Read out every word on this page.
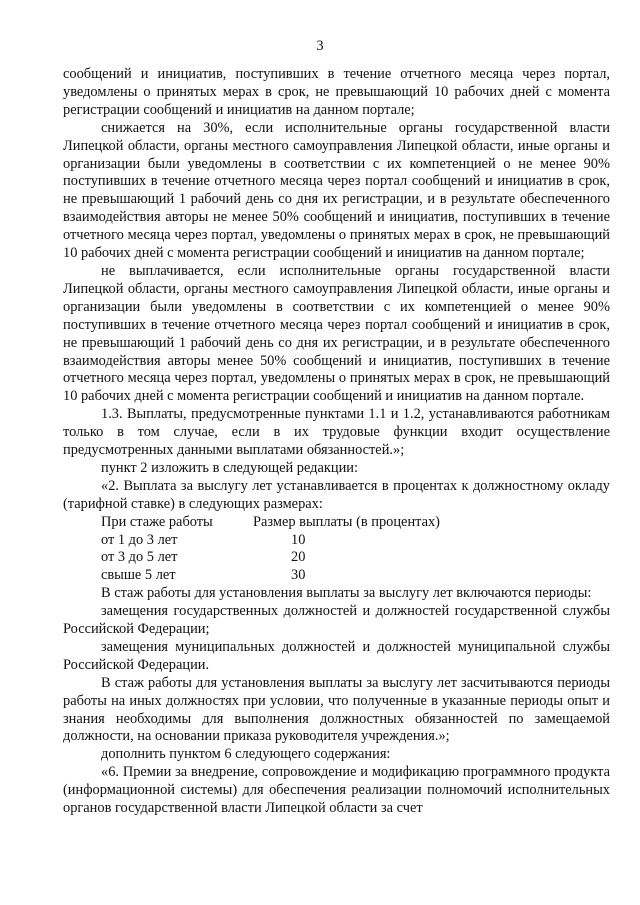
3

сообщений и инициатив, поступивших в течение отчетного месяца через портал, уведомлены о принятых мерах в срок, не превышающий 10 рабочих дней с момента регистрации сообщений и инициатив на данном портале;

снижается на 30%, если исполнительные органы государственной власти Липецкой области, органы местного самоуправления Липецкой области, иные органы и организации были уведомлены в соответствии с их компетенцией о не менее 90% поступивших в течение отчетного месяца через портал сообщений и инициатив в срок, не превышающий 1 рабочий день со дня их регистрации, и в результате обеспеченного взаимодействия авторы не менее 50% сообщений и инициатив, поступивших в течение отчетного месяца через портал, уведомлены о принятых мерах в срок, не превышающий 10 рабочих дней с момента регистрации сообщений и инициатив на данном портале;

не выплачивается, если исполнительные органы государственной власти Липецкой области, органы местного самоуправления Липецкой области, иные органы и организации были уведомлены в соответствии с их компетенцией о менее 90% поступивших в течение отчетного месяца через портал сообщений и инициатив в срок, не превышающий 1 рабочий день со дня их регистрации, и в результате обеспеченного взаимодействия авторы менее 50% сообщений и инициатив, поступивших в течение отчетного месяца через портал, уведомлены о принятых мерах в срок, не превышающий 10 рабочих дней с момента регистрации сообщений и инициатив на данном портале.

1.3. Выплаты, предусмотренные пунктами 1.1 и 1.2, устанавливаются работникам только в том случае, если в их трудовые функции входит осуществление предусмотренных данными выплатами обязанностей.»;

пункт 2 изложить в следующей редакции:

«2. Выплата за выслугу лет устанавливается в процентах к должностному окладу (тарифной ставке) в следующих размерах:

При стаже работы	Размер выплаты (в процентах)
от 1 до 3 лет	10
от 3 до 5 лет	20
свыше 5 лет	30

В стаж работы для установления выплаты за выслугу лет включаются периоды:

замещения государственных должностей и должностей государственной службы Российской Федерации;

замещения муниципальных должностей и должностей муниципальной службы Российской Федерации.

В стаж работы для установления выплаты за выслугу лет засчитываются периоды работы на иных должностях при условии, что полученные в указанные периоды опыт и знания необходимы для выполнения должностных обязанностей по замещаемой должности, на основании приказа руководителя учреждения.»;

дополнить пунктом 6 следующего содержания:

«6. Премии за внедрение, сопровождение и модификацию программного продукта (информационной системы) для обеспечения реализации полномочий исполнительных органов государственной власти Липецкой области за счет
